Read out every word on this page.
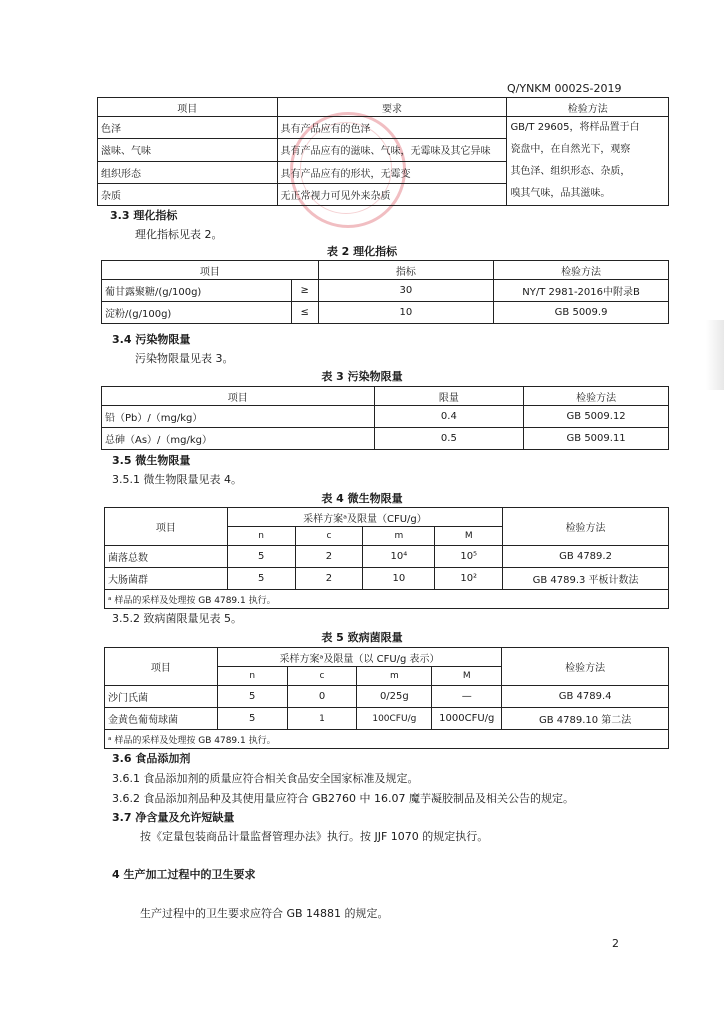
Q/YNKM 0002S-2019
项目	要求	检验方法
色泽	具有产品应有的色泽	GB/T 29605，将样品置于白
瓷盘中，在自然光下，观察
其色泽、组织形态、杂质，
嗅其气味，品其滋味。

滋味、气味	具有产品应有的滋味、气味，无霉味及其它异味	
组织形态	具有产品应有的形状，无霉变	
杂质	无正常视力可见外来杂质	
3.3 理化指标
理化指标见表 2。
表 2 理化指标
项目		指标	检验方法
葡甘露聚糖/(g/100g)	≥	30	NY/T 2981-2016中附录B
淀粉/(g/100g)	≤	10	GB 5009.9
3.4 污染物限量
污染物限量见表 3。
表 3 污染物限量
项目	限量	检验方法
铅（Pb）/（mg/kg）	0.4	GB 5009.12
总砷（As）/（mg/kg）	0.5	GB 5009.11
3.5 微生物限量
3.5.1 微生物限量见表 4。
表 4 微生物限量
项目	采样方案ᵃ及限量（CFU/g）				检验方法
	n	c	m	M	
菌落总数	5	2	10⁴	10⁵	GB 4789.2
大肠菌群	5	2	10	10²	GB 4789.3 平板计数法
ᵃ 样品的采样及处理按 GB 4789.1 执行。					
3.5.2 致病菌限量见表 5。
表 5 致病菌限量
项目	采样方案ᵃ及限量（以 CFU/g 表示）				检验方法
	n	c	m	M	
沙门氏菌	5	0	0/25g	—	GB 4789.4
金黄色葡萄球菌	5	1	100CFU/g	1000CFU/g	GB 4789.10 第二法
ᵃ 样品的采样及处理按 GB 4789.1 执行。					
3.6 食品添加剂
3.6.1 食品添加剂的质量应符合相关食品安全国家标准及规定。
3.6.2 食品添加剂品种及其使用量应符合 GB2760 中 16.07 魔芋凝胶制品及相关公告的规定。
3.7 净含量及允许短缺量
按《定量包装商品计量监督管理办法》执行。按 JJF 1070 的规定执行。
4 生产加工过程中的卫生要求
生产过程中的卫生要求应符合 GB 14881 的规定。
2
